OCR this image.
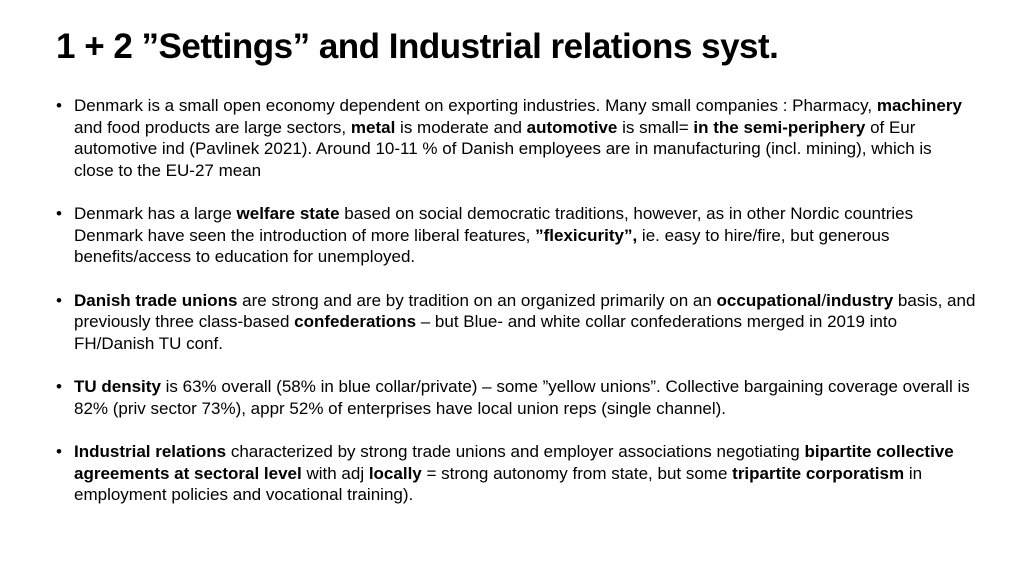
1 + 2 ”Settings” and Industrial relations syst.
• Denmark is a small open economy dependent on exporting industries. Many small companies : Pharmacy, machinery and food products are large sectors, metal is moderate and automotive is small= in the semi-periphery of Eur automotive ind (Pavlinek 2021). Around 10-11 % of Danish employees are in manufacturing (incl. mining), which is close to the EU-27 mean
• Denmark has a large welfare state based on social democratic traditions, however, as in other Nordic countries Denmark have seen the introduction of more liberal features, ”flexicurity”, ie. easy to hire/fire, but generous benefits/access to education for unemployed.
• Danish trade unions are strong and are by tradition on an organized primarily on an occupational/industry basis, and previously three class-based confederations – but Blue- and white collar confederations merged in 2019 into FH/Danish TU conf.
• TU density is 63% overall (58% in blue collar/private) – some ”yellow unions”. Collective bargaining coverage overall is 82% (priv sector 73%), appr 52% of enterprises have local union reps (single channel).
• Industrial relations characterized by strong trade unions and employer associations negotiating bipartite collective agreements at sectoral level with adj locally = strong autonomy from state, but some tripartite corporatism in employment policies and vocational training).
